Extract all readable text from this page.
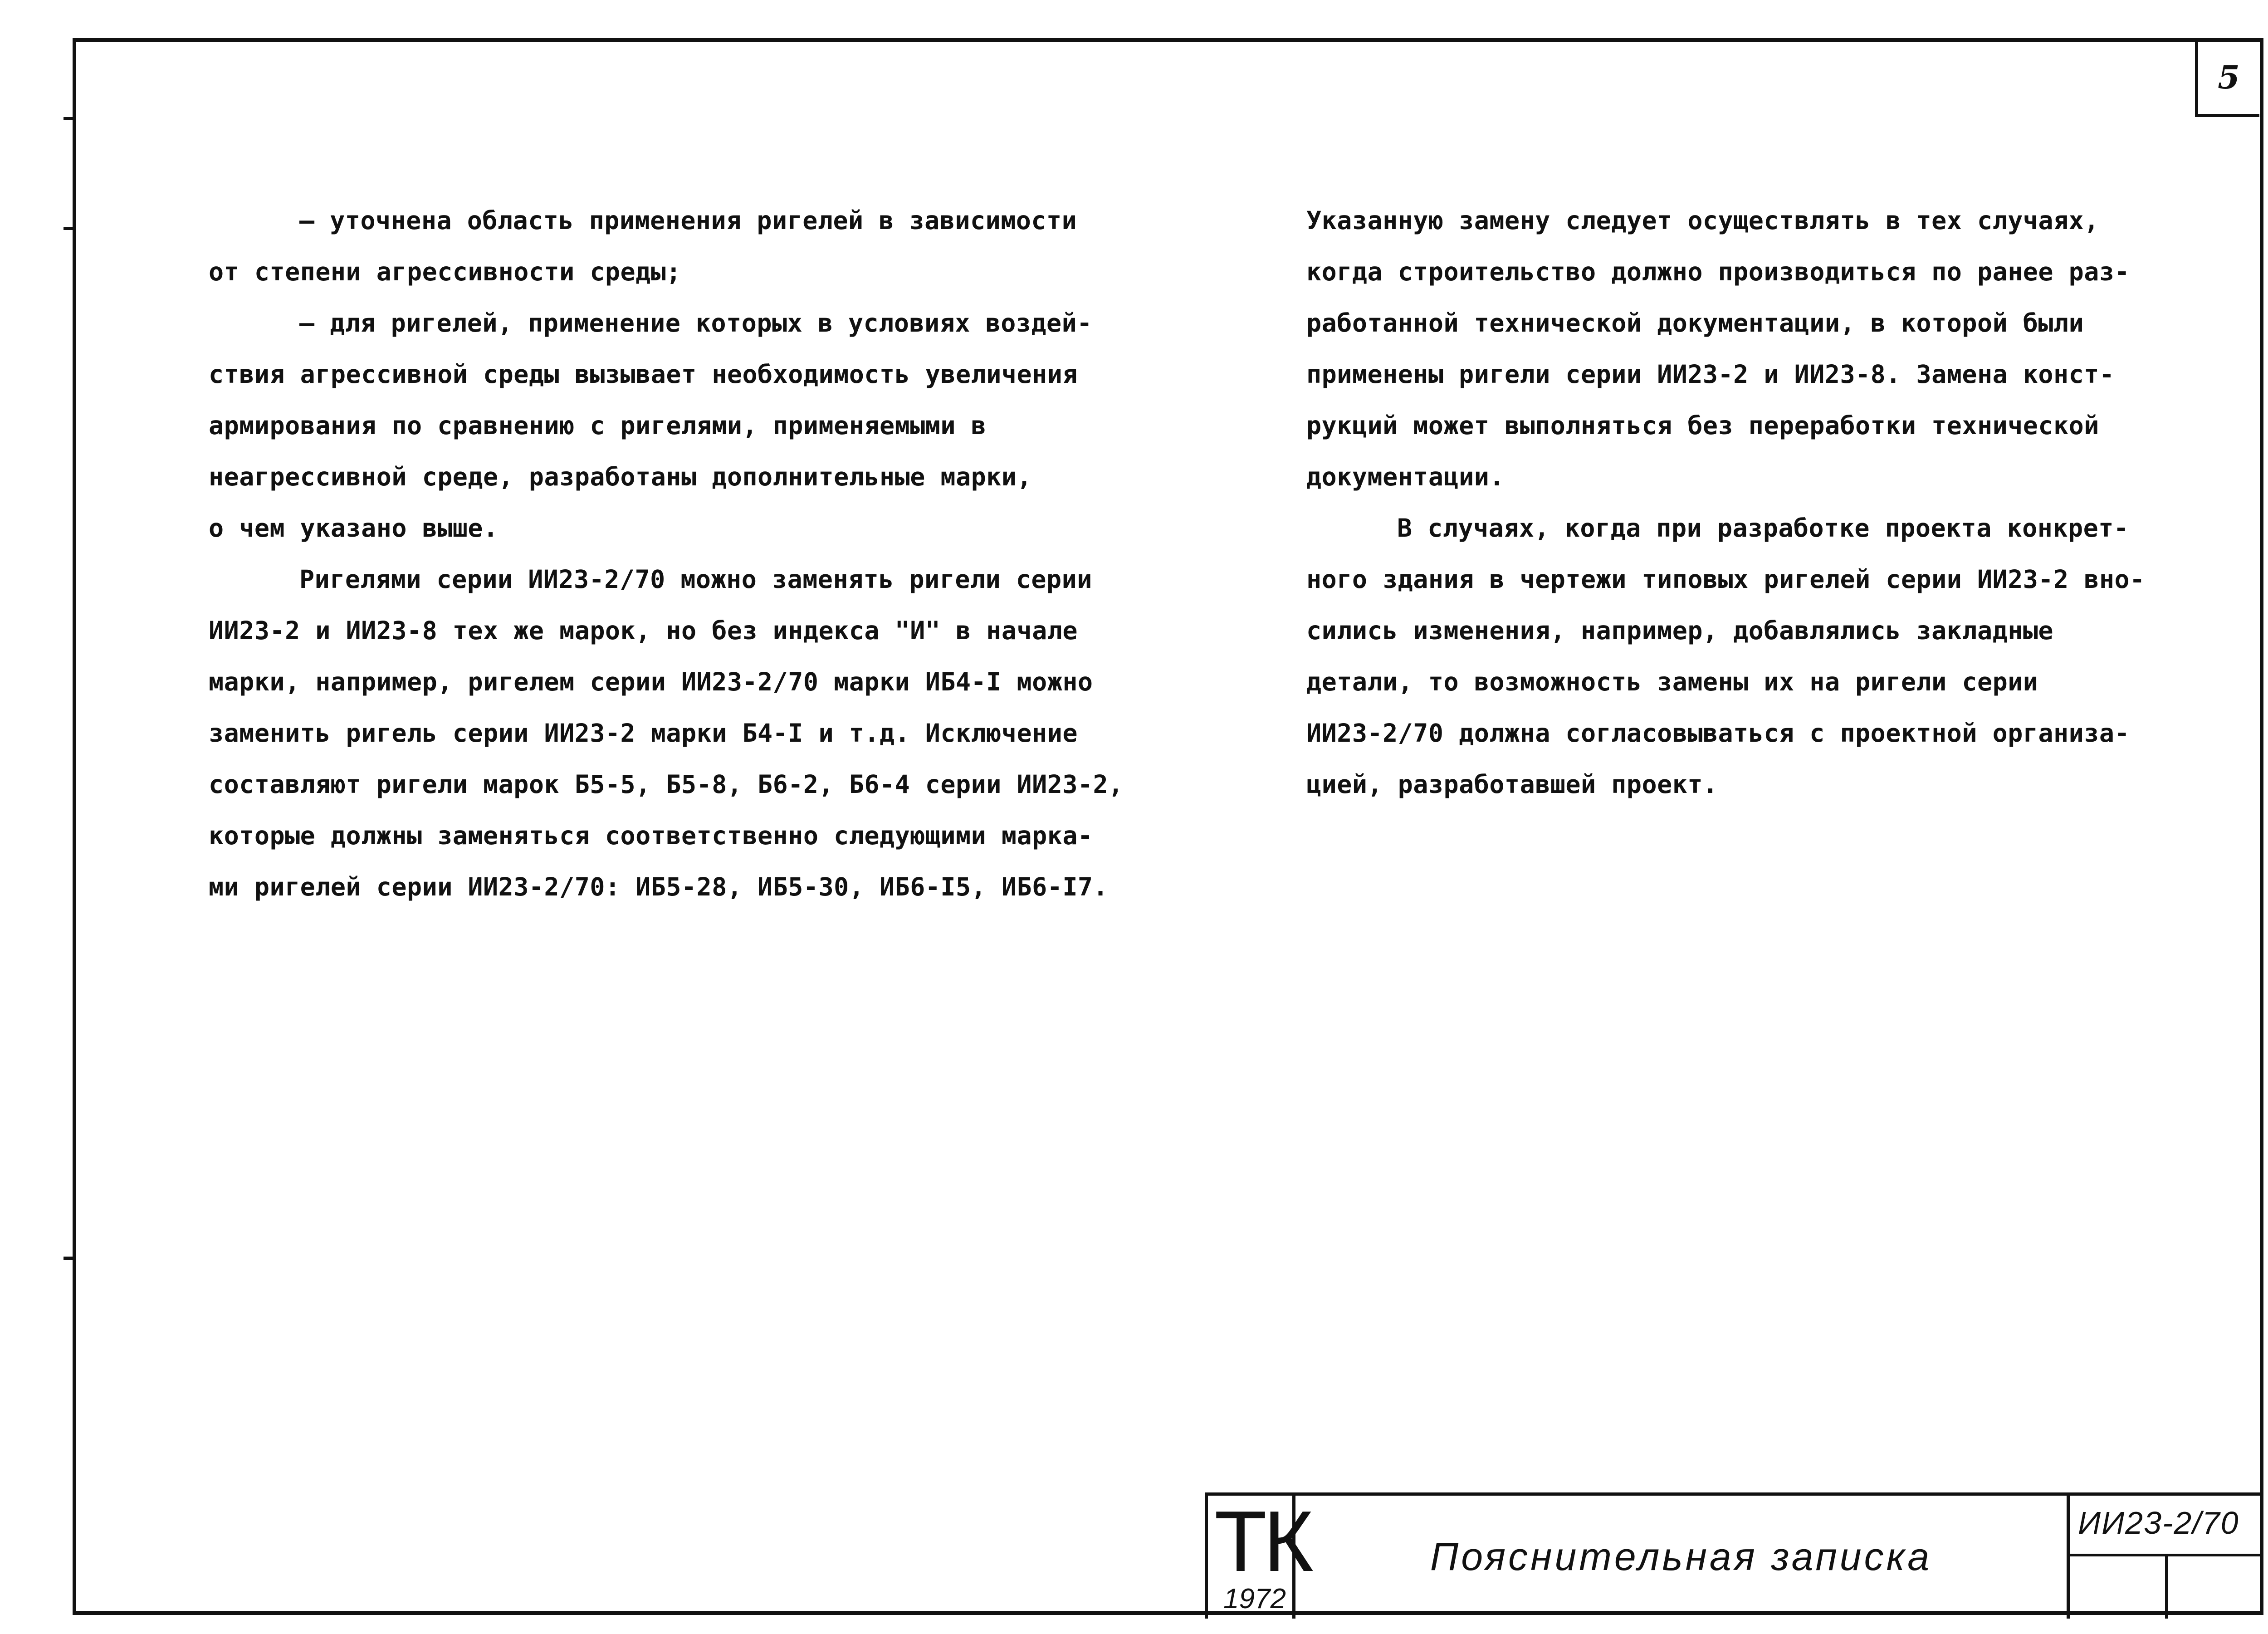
5

– уточнена область применения ригелей в зависимости

от степени агрессивности среды;

– для ригелей, применение которых в условиях воздей-

ствия агрессивной среды вызывает необходимость увеличения

армирования по сравнению с ригелями, применяемыми в

неагрессивной среде, разработаны дополнительные марки,

о чем указано выше.

Ригелями серии ИИ23-2/70 можно заменять ригели серии

ИИ23-2 и ИИ23-8 тех же марок, но без индекса "И" в начале

марки, например, ригелем серии ИИ23-2/70 марки ИБ4-I можно

заменить ригель серии ИИ23-2 марки Б4-I и т.д. Исключение

составляют ригели марок Б5-5, Б5-8, Б6-2, Б6-4 серии ИИ23-2,

которые должны заменяться соответственно следующими марка-

ми ригелей серии ИИ23-2/70: ИБ5-28, ИБ5-30, ИБ6-I5, ИБ6-I7.

Указанную замену следует осуществлять в тех случаях,

когда строительство должно производиться по ранее раз-

работанной технической документации, в которой были

применены ригели серии ИИ23-2 и ИИ23-8. Замена конст-

рукций может выполняться без переработки технической

документации.

В случаях, когда при разработке проекта конкрет-

ного здания в чертежи типовых ригелей серии ИИ23-2 вно-

сились изменения, например, добавлялись закладные

детали, то возможность замены их на ригели серии

ИИ23-2/70 должна согласовываться с проектной организа-

цией, разработавшей проект.

ТК
1972
Пояснительная записка
ИИ23-2/70
